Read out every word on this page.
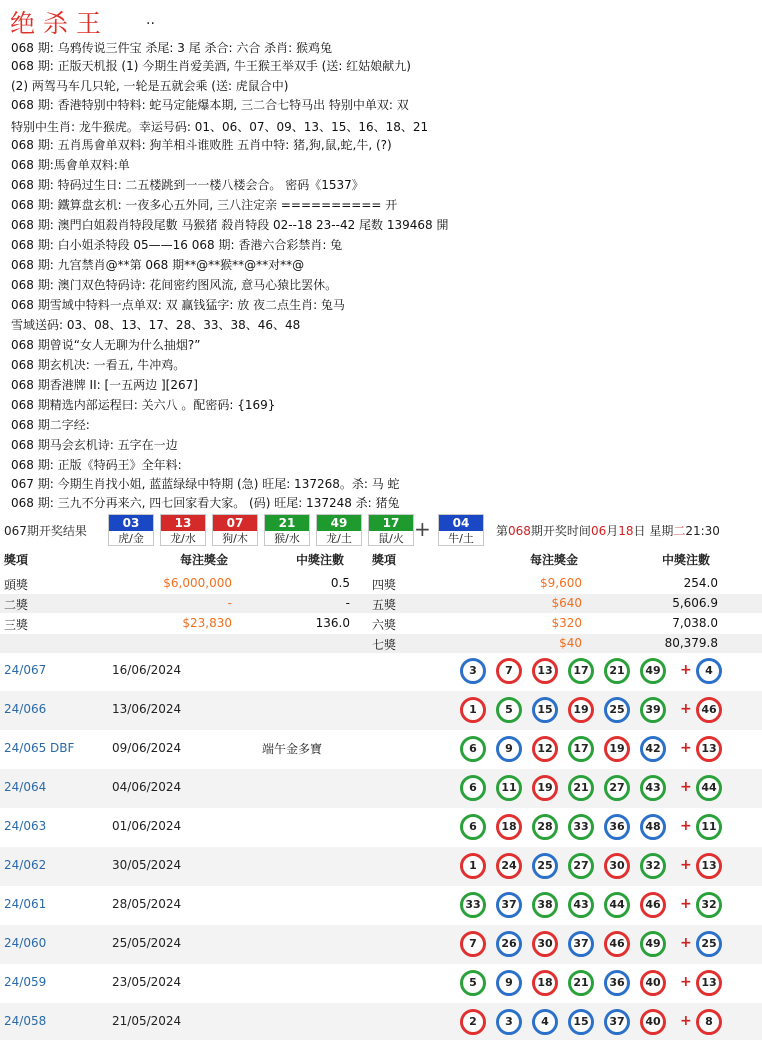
绝杀王	..
068 期: 乌鸦传说三件宝 杀尾: 3 尾 杀合: 六合 杀肖: 猴鸡兔
068 期: 正版天机报 (1) 今期生肖爱美酒, 牛王猴王举双手 (送: 红姑娘献九)
(2) 两驾马车几只轮, 一轮是五就会乘 (送: 虎鼠合中)
068 期: 香港特别中特料: 蛇马定能爆本期, 三二合七特马出 特别中单双: 双
特别中生肖: 龙牛猴虎。幸运号码: 01、06、07、09、13、15、16、18、21
068 期: 五肖馬會单双料: 狗羊相斗谁败胜 五肖中特: 猪,狗,鼠,蛇,牛, (?)
068 期:馬會单双料:单
068 期: 特码过生日: 二五楼跳到一一楼八楼会合。 密码《1537》
068 期: 鐵算盘玄机: 一夜多心五外同, 三八注定亲 ========== 开
068 期: 澳門白姐殺肖特段尾數 马猴猪 殺肖特段 02--18 23--42 尾数 139468 開
068 期: 白小姐杀特段 05——16 068 期: 香港六合彩禁肖: 兔
068 期: 九宫禁肖@**第 068 期**@**猴**@**对**@
068 期: 澳门双色特码诗: 花间密约图风流, 意马心猿比罢休。
068 期雪域中特料一点单双: 双 赢钱猛字: 放 夜二点生肖: 兔马
雪域送码: 03、08、13、17、28、33、38、46、48
068 期曾说“女人无聊为什么抽烟?”
068 期玄机决: 一看五, 牛冲鸡。
068 期香港牌 II: [一五两边 ][267]
068 期精选内部运程曰: 关六八 。配密码: {169}
068 期二字经:
068 期马会玄机诗: 五字在一边
068 期: 正版《特码王》全年料:
067 期: 今期生肖找小姐, 蓝蓝绿绿中特期 (急) 旺尾: 137268。杀: 马 蛇
068 期: 三九不分再来六, 四七回家看大家。 (码) 旺尾: 137248 杀: 猪兔
067期开奖结果
03
虎/金
13
龙/水
07
狗/木
21
猴/水
49
龙/土
17
鼠/火
04
牛/土
+	第068期开奖时间06月18日 星期二21:30
獎項	每注獎金	中獎注數 獎項	每注獎金	中獎注數
頭獎	$6,000,000	0.5 四獎	$9,600	254.0
二獎	-	- 五獎	$640	5,606.9
三獎	$23,830	136.0 六獎	$320	7,038.0
七獎	$40	80,379.8
24/067	16/06/2024	3	7	13	17	21	49	+	4
24/066	13/06/2024	1	5	15	19	25	39	+ 46
24/065 DBF	09/06/2024	端午金多寶	6	9	12	17	19	42	+ 13
24/064	04/06/2024	6	11	19	21	27	43	+ 44
24/063	01/06/2024	6	18	28	33	36	48	+ 11
24/062	30/05/2024	1	24	25	27	30	32	+ 13
24/061	28/05/2024	33	37	38	43	44	46	+ 32
24/060	25/05/2024	7	26	30	37	46	49	+ 25
24/059	23/05/2024	5	9	18	21	36	40	+ 13
24/058	21/05/2024	2	3	4	15	37	40	+	8
